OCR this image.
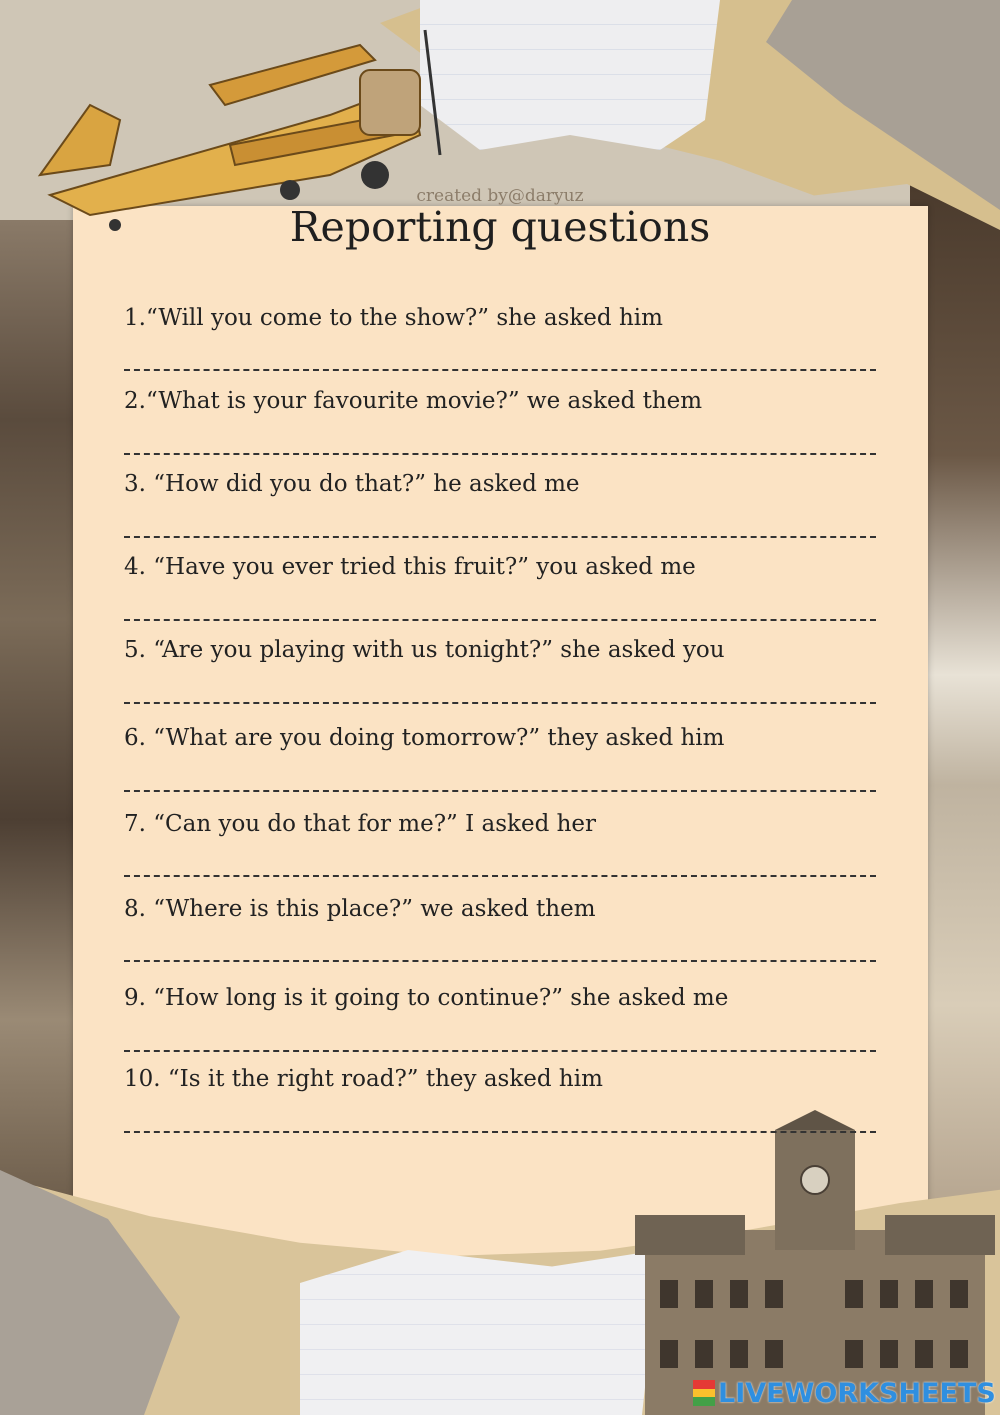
created by@daryuz
Reporting questions
1.“Will you come to the show?” she asked him
2.“What is your favourite movie?” we asked them
3. “How did you do that?” he asked me
4. “Have you ever tried this fruit?” you asked me
5. “Are you playing with us tonight?” she asked you
6. “What are you doing tomorrow?” they asked him
7. “Can you do that for me?” I asked her
8. “Where is this place?” we asked them
9. “How long is it going to continue?” she asked me
10. “Is it the right road?” they asked him
LIVEWORKSHEETS
